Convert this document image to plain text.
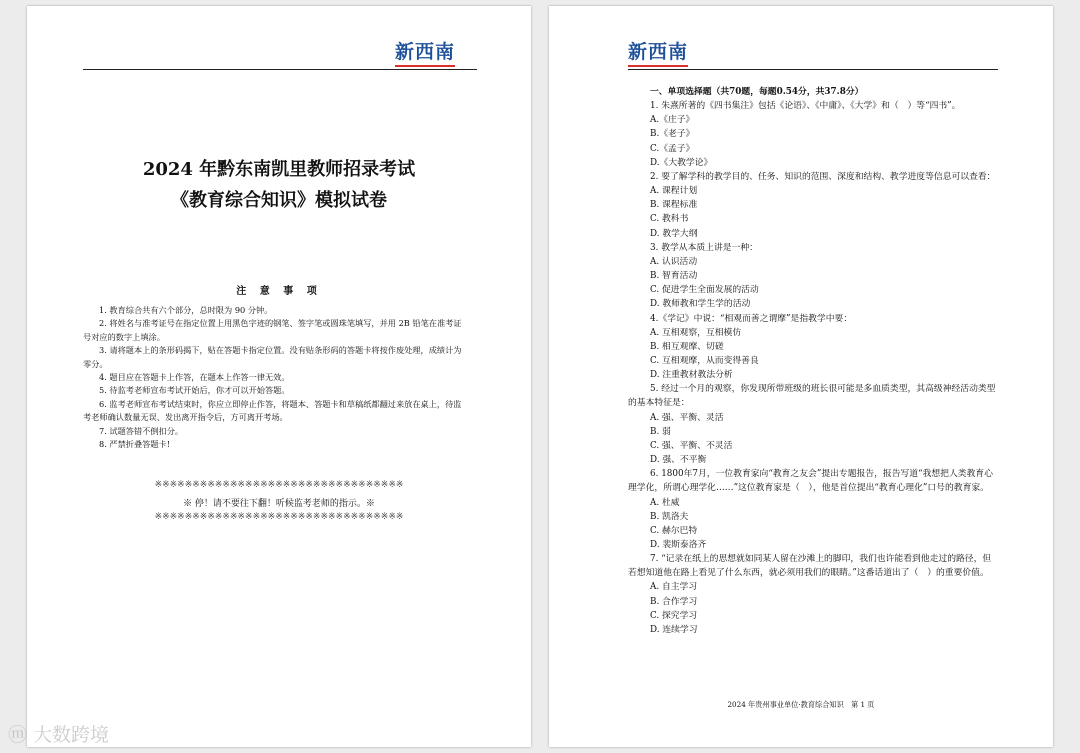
新西南
2024 年黔东南凯里教师招录考试
《教育综合知识》模拟试卷
注 意 事 项
1. 教育综合共有六个部分，总时限为 90 分钟。
2. 将姓名与准考证号在指定位置上用黑色字迹的钢笔、签字笔或圆珠笔填写，并用 2B 铅笔在准考证号对应的数字上填涂。
3. 请将题本上的条形码揭下，贴在答题卡指定位置。没有贴条形码的答题卡将按作废处理，成绩计为零分。
4. 题目应在答题卡上作答，在题本上作答一律无效。
5. 待监考老师宣布考试开始后，你才可以开始答题。
6. 监考老师宣布考试结束时，你应立即停止作答，将题本、答题卡和草稿纸都翻过来放在桌上，待监考老师确认数量无误、发出离开指令后，方可离开考场。
7. 试题答错不倒扣分。
8. 严禁折叠答题卡!
※※※※※※※※※※※※※※※※※※※※※※※※※※※※※※※※※
※ 停！请不要往下翻！听候监考老师的指示。※
※※※※※※※※※※※※※※※※※※※※※※※※※※※※※※※※※
新西南
一、单项选择题（共70题，每题0.54分，共37.8分）
1. 朱熹所著的《四书集注》包括《论语》、《中庸》、《大学》和（　）等“四书”。
A.《庄子》
B.《老子》
C.《孟子》
D.《大教学论》
2. 要了解学科的教学目的、任务、知识的范围、深度和结构、教学进度等信息可以查看：
A. 课程计划
B. 课程标准
C. 教科书
D. 教学大纲
3. 教学从本质上讲是一种：
A. 认识活动
B. 智育活动
C. 促进学生全面发展的活动
D. 教师教和学生学的活动
4.《学记》中说：“相观而善之谓摩”是指教学中要：
A. 互相观察，互相模仿
B. 相互观摩、切磋
C. 互相观摩，从而变得善良
D. 注重教材教法分析
5. 经过一个月的观察，你发现所带班级的班长很可能是多血质类型，其高级神经活动类型的基本特征是：
A. 强、平衡、灵活
B. 弱
C. 强、平衡、不灵活
D. 强、不平衡
6. 1800年7月，一位教育家向“教育之友会”提出专题报告，报告写道“我想把人类教育心理学化，所谓心理学化……”这位教育家是（　），他是首位提出“教育心理化”口号的教育家。
A. 杜威
B. 凯洛夫
C. 赫尔巴特
D. 裴斯泰洛齐
7. “记录在纸上的思想就如同某人留在沙滩上的脚印，我们也许能看到他走过的路径，但若想知道他在路上看见了什么东西，就必须用我们的眼睛。”这番话道出了（　）的重要价值。
A. 自主学习
B. 合作学习
C. 探究学习
D. 连续学习
2024 年贵州事业单位·教育综合知识　第 1 页
ⓜ 大数跨境
